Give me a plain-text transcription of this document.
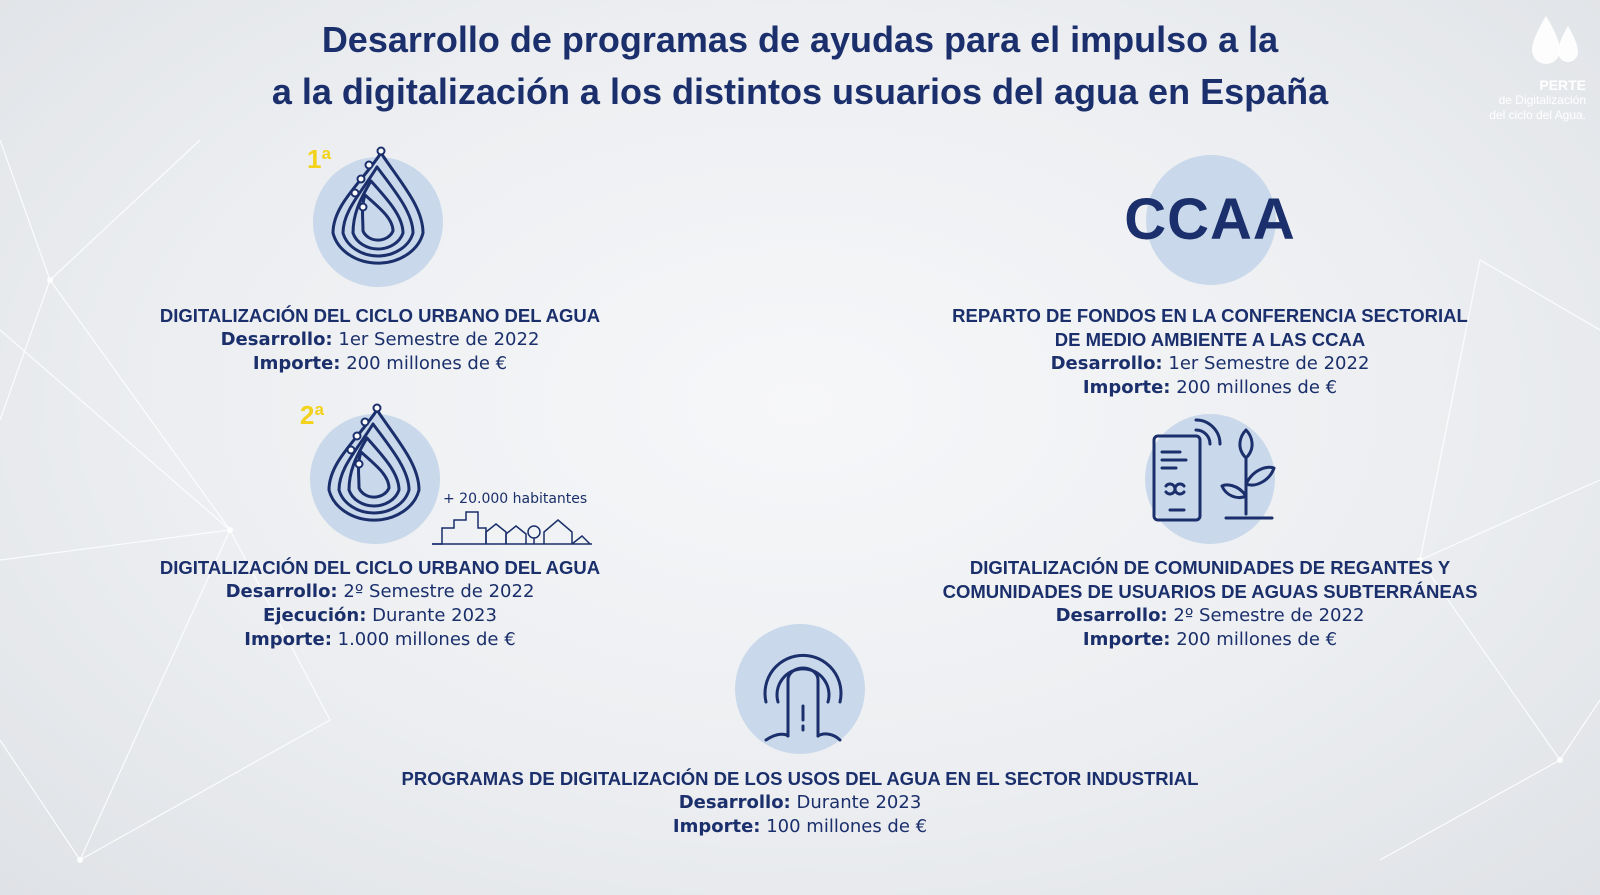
Desarrollo de programas de ayudas para el impulso a la
a la digitalización a los distintos usuarios del agua en España	PERTE
de Digitalización
del ciclo del Agua.
1ª
DIGITALIZACIÓN DEL CICLO URBANO DEL AGUA
Desarrollo: 1er Semestre de 2022
Importe: 200 millones de €
2ª
+ 20.000 habitantes
DIGITALIZACIÓN DEL CICLO URBANO DEL AGUA
Desarrollo: 2º Semestre de 2022
Ejecución: Durante 2023
Importe: 1.000 millones de €
CCAA
REPARTO DE FONDOS EN LA CONFERENCIA SECTORIAL
DE MEDIO AMBIENTE A LAS CCAA
Desarrollo: 1er Semestre de 2022
Importe: 200 millones de €
DIGITALIZACIÓN DE COMUNIDADES DE REGANTES Y
COMUNIDADES DE USUARIOS DE AGUAS SUBTERRÁNEAS
Desarrollo: 2º Semestre de 2022
Importe: 200 millones de €
PROGRAMAS DE DIGITALIZACIÓN DE LOS USOS DEL AGUA EN EL SECTOR INDUSTRIAL
Desarrollo: Durante 2023
Importe: 100 millones de €
